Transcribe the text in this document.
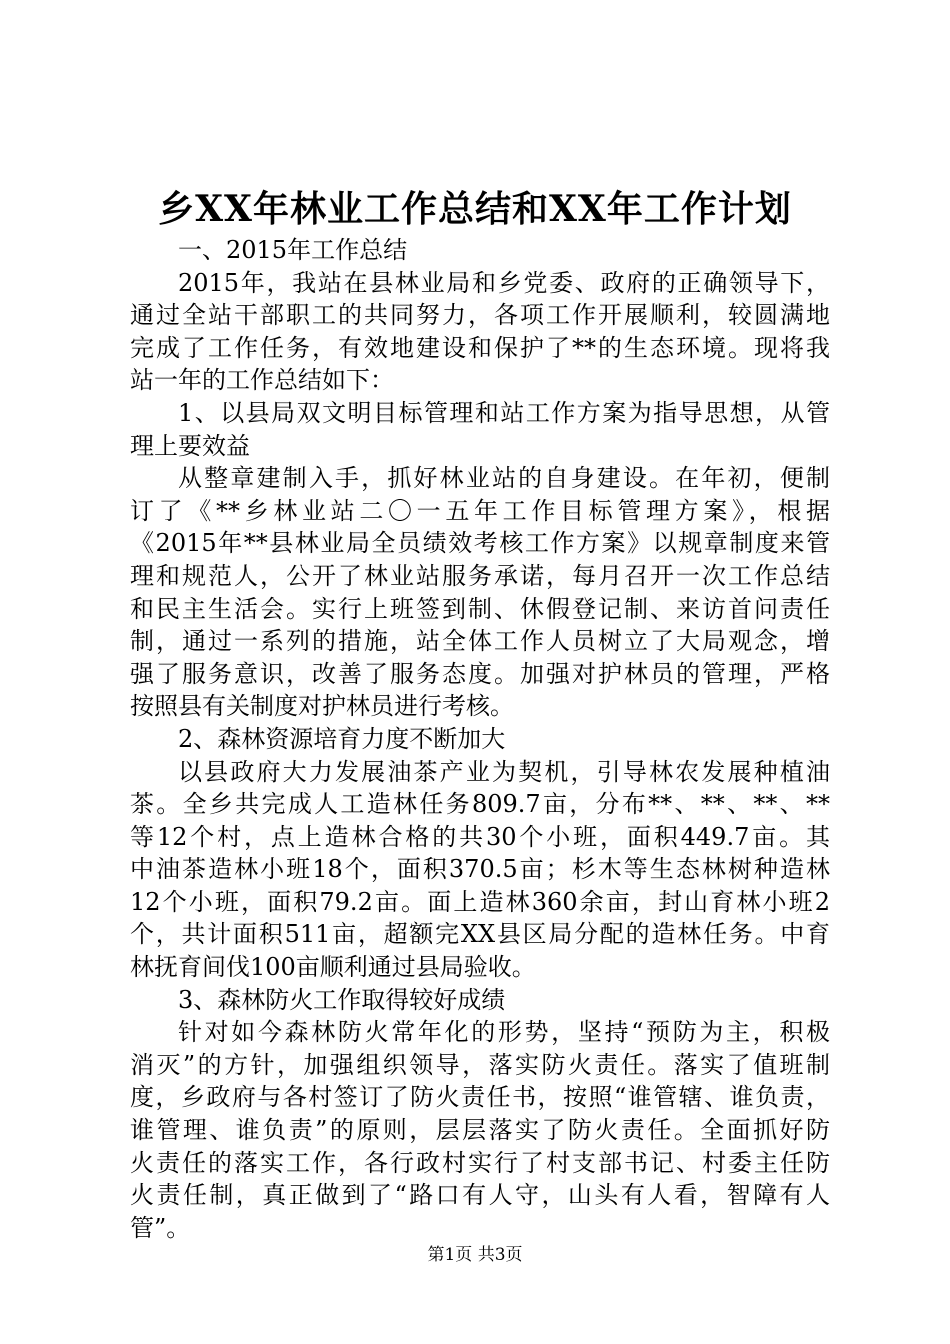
乡XX年林业工作总结和XX年工作计划
一、2015年工作总结
2015年，我站在县林业局和乡党委、政府的正确领导下，
通过全站干部职工的共同努力，各项工作开展顺利，较圆满地
完成了工作任务，有效地建设和保护了**的生态环境。现将我
站一年的工作总结如下：
1、以县局双文明目标管理和站工作方案为指导思想，从管
理上要效益
从整章建制入手，抓好林业站的自身建设。在年初，便制
订了《**乡林业站二〇一五年工作目标管理方案》，根据
《2015年**县林业局全员绩效考核工作方案》以规章制度来管
理和规范人，公开了林业站服务承诺，每月召开一次工作总结
和民主生活会。实行上班签到制、休假登记制、来访首问责任
制，通过一系列的措施，站全体工作人员树立了大局观念，增
强了服务意识，改善了服务态度。加强对护林员的管理，严格
按照县有关制度对护林员进行考核。
2、森林资源培育力度不断加大
以县政府大力发展油茶产业为契机，引导林农发展种植油
茶。全乡共完成人工造林任务809.7亩，分布**、**、**、**
等12个村，点上造林合格的共30个小班，面积449.7亩。其
中油茶造林小班18个，面积370.5亩；杉木等生态林树种造林
12个小班，面积79.2亩。面上造林360余亩，封山育林小班2
个，共计面积511亩，超额完XX县区局分配的造林任务。中育
林抚育间伐100亩顺利通过县局验收。
3、森林防火工作取得较好成绩
针对如今森林防火常年化的形势，坚持“预防为主，积极
消灭”的方针，加强组织领导，落实防火责任。落实了值班制
度，乡政府与各村签订了防火责任书，按照“谁管辖、谁负责，
谁管理、谁负责”的原则，层层落实了防火责任。全面抓好防
火责任的落实工作，各行政村实行了村支部书记、村委主任防
火责任制，真正做到了“路口有人守，山头有人看，智障有人
管”。
第1页 共3页
